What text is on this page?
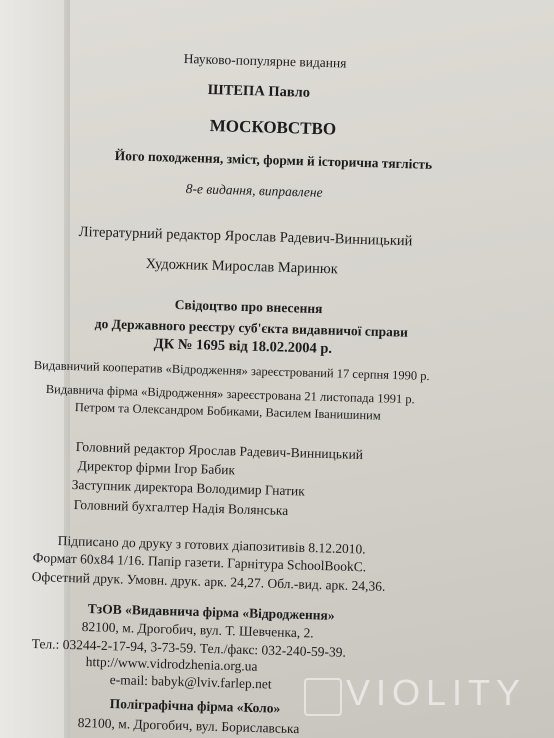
Науково-популярне видання
ШТЕПА Павло
МОСКОВСТВО
Його походження, зміст, форми й історична тяглість
8-е видання, виправлене
Літературний редактор Ярослав Радевич-Винницький
Художник Мирослав Маринюк
Свідоцтво про внесення
до Державного реєстру суб'єкта видавничої справи
ДК № 1695 від 18.02.2004 р.
Видавничий кооператив «Відродження» зареєстрований 17 серпня 1990 р.
Видавнича фірма «Відродження» зареєстрована 21 листопада 1991 р.
Петром та Олександром Бобиками, Василем Іванишиним
Головний редактор Ярослав Радевич-Винницький
Директор фірми Ігор Бабик
Заступник директора Володимир Гнатик
Головний бухгалтер Надія Волянська
Підписано до друку з готових діапозитивів 8.12.2010.
Формат 60x84 1/16. Папір газети. Гарнітура SchoolBookC.
Офсетний друк. Умовн. друк. арк. 24,27. Обл.-вид. арк. 24,36.
ТзОВ «Видавнича фірма «Відродження»
82100, м. Дрогобич, вул. Т. Шевченка, 2.
Тел.: 03244-2-17-94, 3-73-59. Тел./факс: 032-240-59-39.
http://www.vidrodzhenia.org.ua
e-mail: babyk@lviv.farlep.net
Поліграфічна фірма «Коло»
82100, м. Дрогобич, вул. Бориславська
VIOLITY
